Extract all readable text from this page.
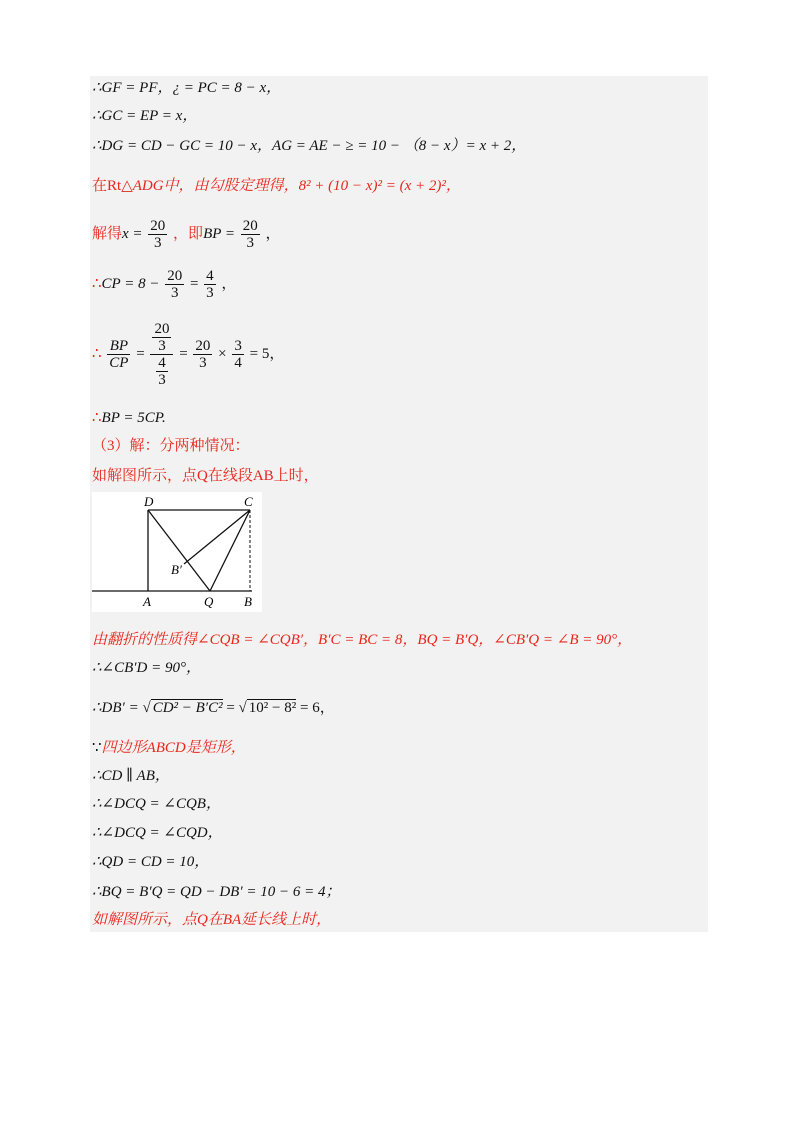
∴GF = PF，¿ = PC = 8 − x，
∴GC = EP = x，
∴DG = CD − GC = 10 − x，AG = AE − ≥ = 10 − （8 − x）= x + 2，
在Rt△ADG中，由勾股定理得，8² + (10 − x)² = (x + 2)²，
解得$x = \frac{20}{3}$ ，即BP = $\frac{20}{3}$ ，
∴CP = $8 - \frac{20}{3} = \frac{4}{3}$ ，
∴ $\frac{BP}{CP} = \frac{\frac{20}{3}}{\frac{4}{3}} = \frac{20}{3} \times \frac{3}{4} = 5$，
∴BP = 5CP.
（3）解：分两种情况：
如解图所示，点Q在线段AB上时，
D	C
B′
A	Q B
由翻折的性质得∠CQB = ∠CQB′，B′C = BC = 8，BQ = B′Q，∠CB′Q = ∠B = 90°，
∴∠CB′D = 90°，
∴DB′ = √ CD² − B′C² = √ 10² − 8² = 6，
∵四边形ABCD是矩形，
∴CD ∥ AB，
∴∠DCQ = ∠CQB，
∴∠DCQ = ∠CQD，
∴QD = CD = 10，
∴BQ = B′Q = QD − DB′ = 10 − 6 = 4；
如解图所示，点Q在BA延长线上时，
